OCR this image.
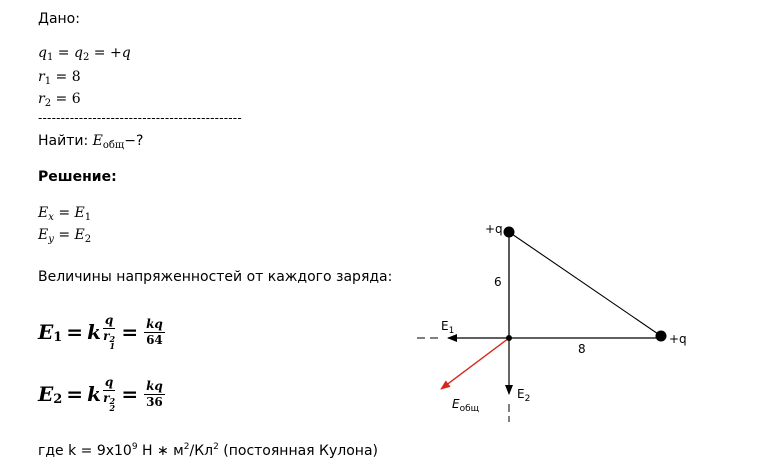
Дано:
$q_1 = q_2 = +q$
$r_1 = 8$
$r_2 = 6$
---------------------------------------------
Найти: $E_{общ}-$?
Решение:
$E_x = E_1$
$E_y = E_2$
Величины напряженностей от каждого заряда:
E 1 = k q
r 2
$1 = \frac{kq}{64}$
E 2 = k q
r 2
$2 = \frac{kq}{36}$
где $k = 9x10^9$ Н ∗ $м^2/Кл^2$ (постоянная Кулона)
+q
+q
6
8
$E_1$
$E_2$
$E_{общ}$
